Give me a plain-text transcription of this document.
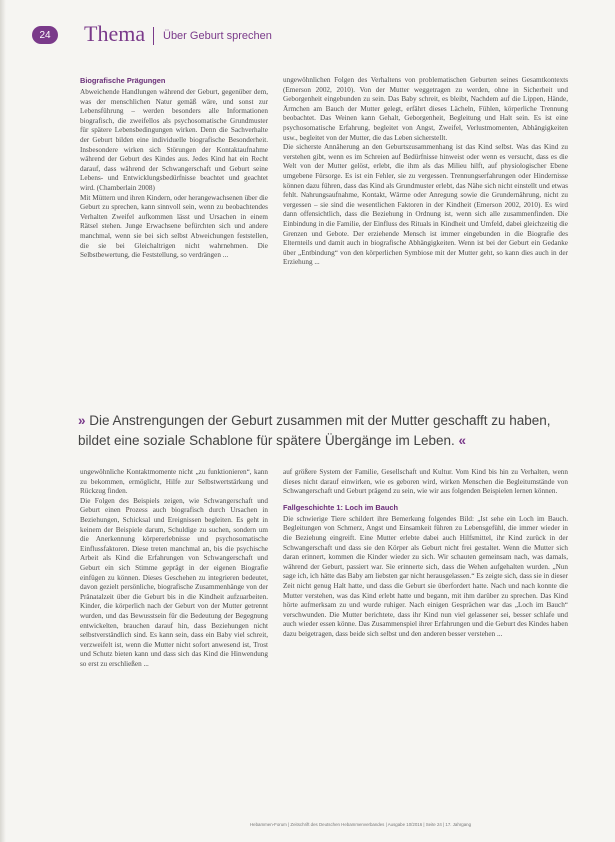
24	Thema Über Geburt sprechen
Biografische Prägungen

Abweichende Handlungen während der Geburt, gegenüber dem, was der menschlichen Natur gemäß wäre, und sonst zur Lebensführung – werden besonders alle Informationen biografisch, die zweifellos als psychosomatische Grundmuster für spätere Lebensbedingungen wirken. Denn die Sachverhalte der Geburt bilden eine individuelle biografische Besonderheit. Insbesondere wirken sich Störungen der Kontaktaufnahme während der Geburt des Kindes aus. Jedes Kind hat ein Recht darauf, dass während der Schwangerschaft und Geburt seine Lebens- und Entwicklungsbedürfnisse beachtet und geachtet wird. (Chamberlain 2008)
Mit Müttern und ihren Kindern, oder herangewachsenen über die Geburt zu sprechen, kann sinnvoll sein, wenn zu beobachtendes Verhalten Zweifel aufkommen lässt und Ursachen in einem Rätsel stehen. Junge Erwachsene befürchten sich und andere manchmal, wenn sie bei sich selbst Abweichungen feststellen, die sie bei Gleichaltrigen nicht wahrnehmen. Die Selbstbewertung, die Feststellung, so verdrängen ...

ungewöhnlichen Folgen des Verhaltens von problematischen Geburten seines Gesamtkontexts (Emerson 2002, 2010). Von der Mutter weggetragen zu werden, ohne in Sicherheit und Geborgenheit eingebunden zu sein. Das Baby schreit, es bleibt, Nachdem auf die Lippen, Hände, Ärmchen am Bauch der Mutter gelegt, erfährt dieses Lächeln, Fühlen, körperliche Trennung beobachtet. Das Weinen kann Gehalt, Geborgenheit, Begleitung und Halt sein. Es ist eine psychosomatische Erfahrung, begleitet von Angst, Zweifel, Verlustmomenten, Abhängigkeiten usw., begleitet von der Mutter, die das Leben sicherstellt.
Die sicherste Annäherung an den Geburtszusammenhang ist das Kind selbst. Was das Kind zu verstehen gibt, wenn es im Schreien auf Bedürfnisse hinweist oder wenn es versucht, dass es die Welt von der Mutter gelöst, erlebt, die ihm als das Milieu hilft, auf physiologischer Ebene umgebene Fürsorge. Es ist ein Fehler, sie zu vergessen. Trennungserfahrungen oder Hindernisse können dazu führen, dass das Kind als Grundmuster erlebt, das Nähe sich nicht einstellt und etwas fehlt. Nahrungsaufnahme, Kontakt, Wärme oder Anregung sowie die Grundernährung, nicht zu vergessen – sie sind die wesentlichen Faktoren in der Kindheit (Emerson 2002, 2010). Es wird dann offensichtlich, dass die Beziehung in Ordnung ist, wenn sich alle zusammenfinden. Die Einbindung in die Familie, der Einfluss des Rituals in Kindheit und Umfeld, dabei gleichzeitig die Grenzen und Gebote. Der erziehende Mensch ist immer eingebunden in die Biografie des Elternteils und damit auch in biografische Abhängigkeiten. Wenn ist bei der Geburt ein Gedanke über „Entbindung“ von den körperlichen Symbiose mit der Mutter geht, so kann dies auch in der Erziehung ...

» Die Anstrengungen der Geburt zusammen mit der Mutter geschafft zu haben, bildet eine soziale Schablone für spätere Übergänge im Leben. «

ungewöhnliche Kontaktmomente nicht „zu funktionieren“, kann zu bekommen, ermöglicht, Hilfe zur Selbstwertstärkung und Rückzug finden.
Die Folgen des Beispiels zeigen, wie Schwangerschaft und Geburt einen Prozess auch biografisch durch Ursachen in Beziehungen, Schicksal und Ereignissen begleiten. Es geht in keinem der Beispiele darum, Schuldige zu suchen, sondern um die Anerkennung körpererlebnisse und psychosomatische Einflussfaktoren. Diese treten manchmal an, bis die psychische Arbeit als Kind die Erfahrungen von Schwangerschaft und Geburt ein sich Stimme geprägt in der eigenen Biografie einfügen zu können. Dieses Geschehen zu integrieren bedeutet, davon gezielt persönliche, biografische Zusammenhänge von der Pränatalzeit über die Geburt bis in die Kindheit aufzuarbeiten. Kinder, die körperlich nach der Geburt von der Mutter getrennt wurden, und das Bewusstsein für die Bedeutung der Begegnung entwickelten, brauchen darauf hin, dass Beziehungen nicht selbstverständlich sind. Es kann sein, dass ein Baby viel schreit, verzweifelt ist, wenn die Mutter nicht sofort anwesend ist, Trost und Schutz bieten kann und dass sich das Kind die Hinwendung so erst zu erschließen ...

auf größere System der Familie, Gesellschaft und Kultur. Vom Kind bis hin zu Verhalten, wenn dieses nicht darauf einwirken, wie es geboren wird, wirken Menschen die Begleitumstände von Schwangerschaft und Geburt prägend zu sein, wie wir aus folgenden Beispielen lernen können.

Fallgeschichte 1: Loch im Bauch

Die schwierige Tiere schildert ihre Bemerkung folgendes Bild: „Ist sehe ein Loch im Bauch. Begleitungen von Schmerz, Angst und Einsamkeit führen zu Lebensgefühl, die immer wieder in die Beziehung eingreift. Eine Mutter erlebte dabei auch Hilfsmittel, ihr Kind zurück in der Schwangerschaft und dass sie den Körper als Geburt nicht frei gestaltet. Wenn die Mutter sich daran erinnert, kommen die Kinder wieder zu sich. Wir schauten gemeinsam nach, was damals, während der Geburt, passiert war. Sie erinnerte sich, dass die Wehen aufgehalten wurden. „Nun sage ich, ich hätte das Baby am liebsten gar nicht herausgelassen.“ Es zeigte sich, dass sie in dieser Zeit nicht genug Halt hatte, und dass die Geburt sie überfordert hatte. Nach und nach konnte die Mutter verstehen, was das Kind erlebt hatte und begann, mit ihm darüber zu sprechen. Das Kind hörte aufmerksam zu und wurde ruhiger. Nach einigen Gesprächen war das „Loch im Bauch“ verschwunden. Die Mutter berichtete, dass ihr Kind nun viel gelassener sei, besser schlafe und auch wieder essen könne. Das Zusammenspiel ihrer Erfahrungen und die Geburt des Kindes haben dazu beigetragen, dass beide sich selbst und den anderen besser verstehen ...

Hebammen-Forum | Zeitschrift des Deutschen Hebammenverbandes | Ausgabe 10/2016 | Seite 24 | 17. Jahrgang
